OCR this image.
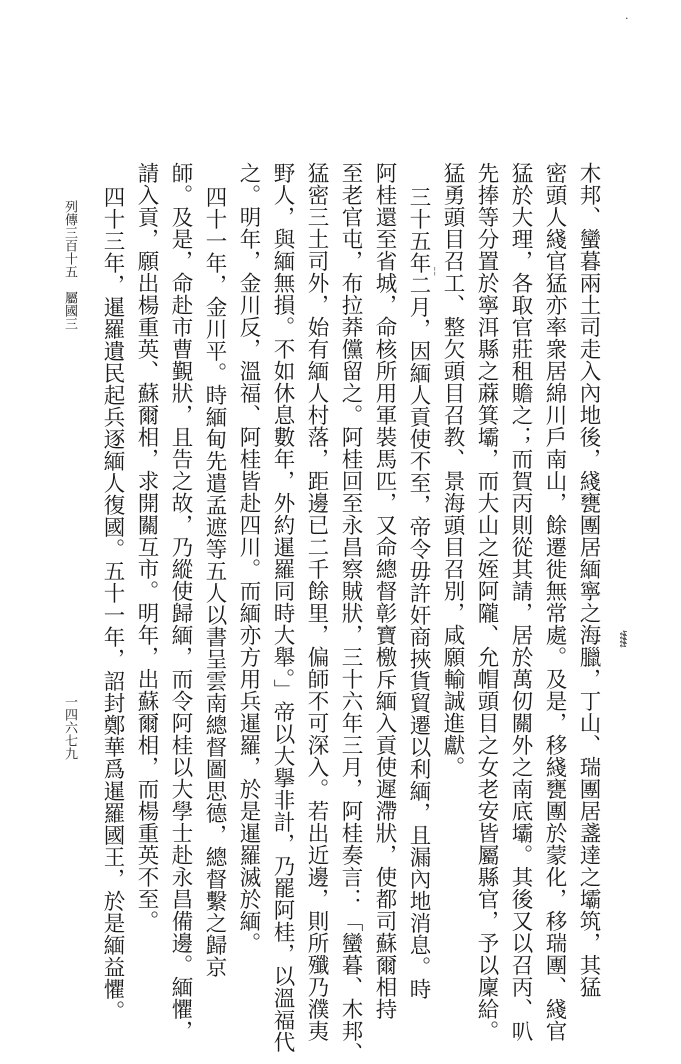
·
¦
↯↯↯↯
木邦、蠻暮兩土司走入內地後，綫甕團居緬寧之海臘，丁山、瑞團居盞達之壩筑，其猛
密頭人綫官猛亦率衆居綿川戶南山，餘遷徙無常處。及是，移綫甕團於蒙化，移瑞團、綫官
猛於大理，各取官莊租贍之；而賀丙則從其請，居於萬仞關外之南底壩。其後又以召丙、叭
先捧等分置於寧洱縣之蔴箕壩，而大山之姪阿隴、允帽頭目之女老安皆屬縣官，予以廩給。
猛勇頭目召工、整欠頭目召教、景海頭目召別，咸願輸誠進獻。
三十五年二月，因緬人貢使不至，帝令毋許奸商挾貨貿遷以利緬，且漏內地消息。時
阿桂還至省城，命核所用軍裝馬匹，又命總督彰寶檄斥緬入貢使遲滯狀，使都司蘇爾相持
至老官屯，布拉莽儻留之。阿桂回至永昌察賊狀，三十六年三月，阿桂奏言：「蠻暮、木邦、
猛密三土司外，始有緬人村落，距邊已二千餘里，偏師不可深入。若出近邊，則所殲乃濮夷
野人，與緬無損。不如休息數年，外約暹羅同時大舉。」帝以大擧非計，乃罷阿桂，以溫福代
之。明年，金川反，溫福、阿桂皆赴四川。而緬亦方用兵暹羅，於是暹羅滅於緬。
四十一年，金川平。時緬甸先遣孟遮等五人以書呈雲南總督圖思德，總督繫之歸京
師。及是，命赴市曹覲狀，且告之故，乃縱使歸緬，而令阿桂以大學士赴永昌備邊。緬懼，
請入貢，願出楊重英、蘇爾相，求開關互市。明年，出蘇爾相，而楊重英不至。
四十三年，暹羅遺民起兵逐緬人復國。五十一年，詔封鄭華爲暹羅國王，於是緬益懼。
列傳三百十五　屬國三
一四六七九
